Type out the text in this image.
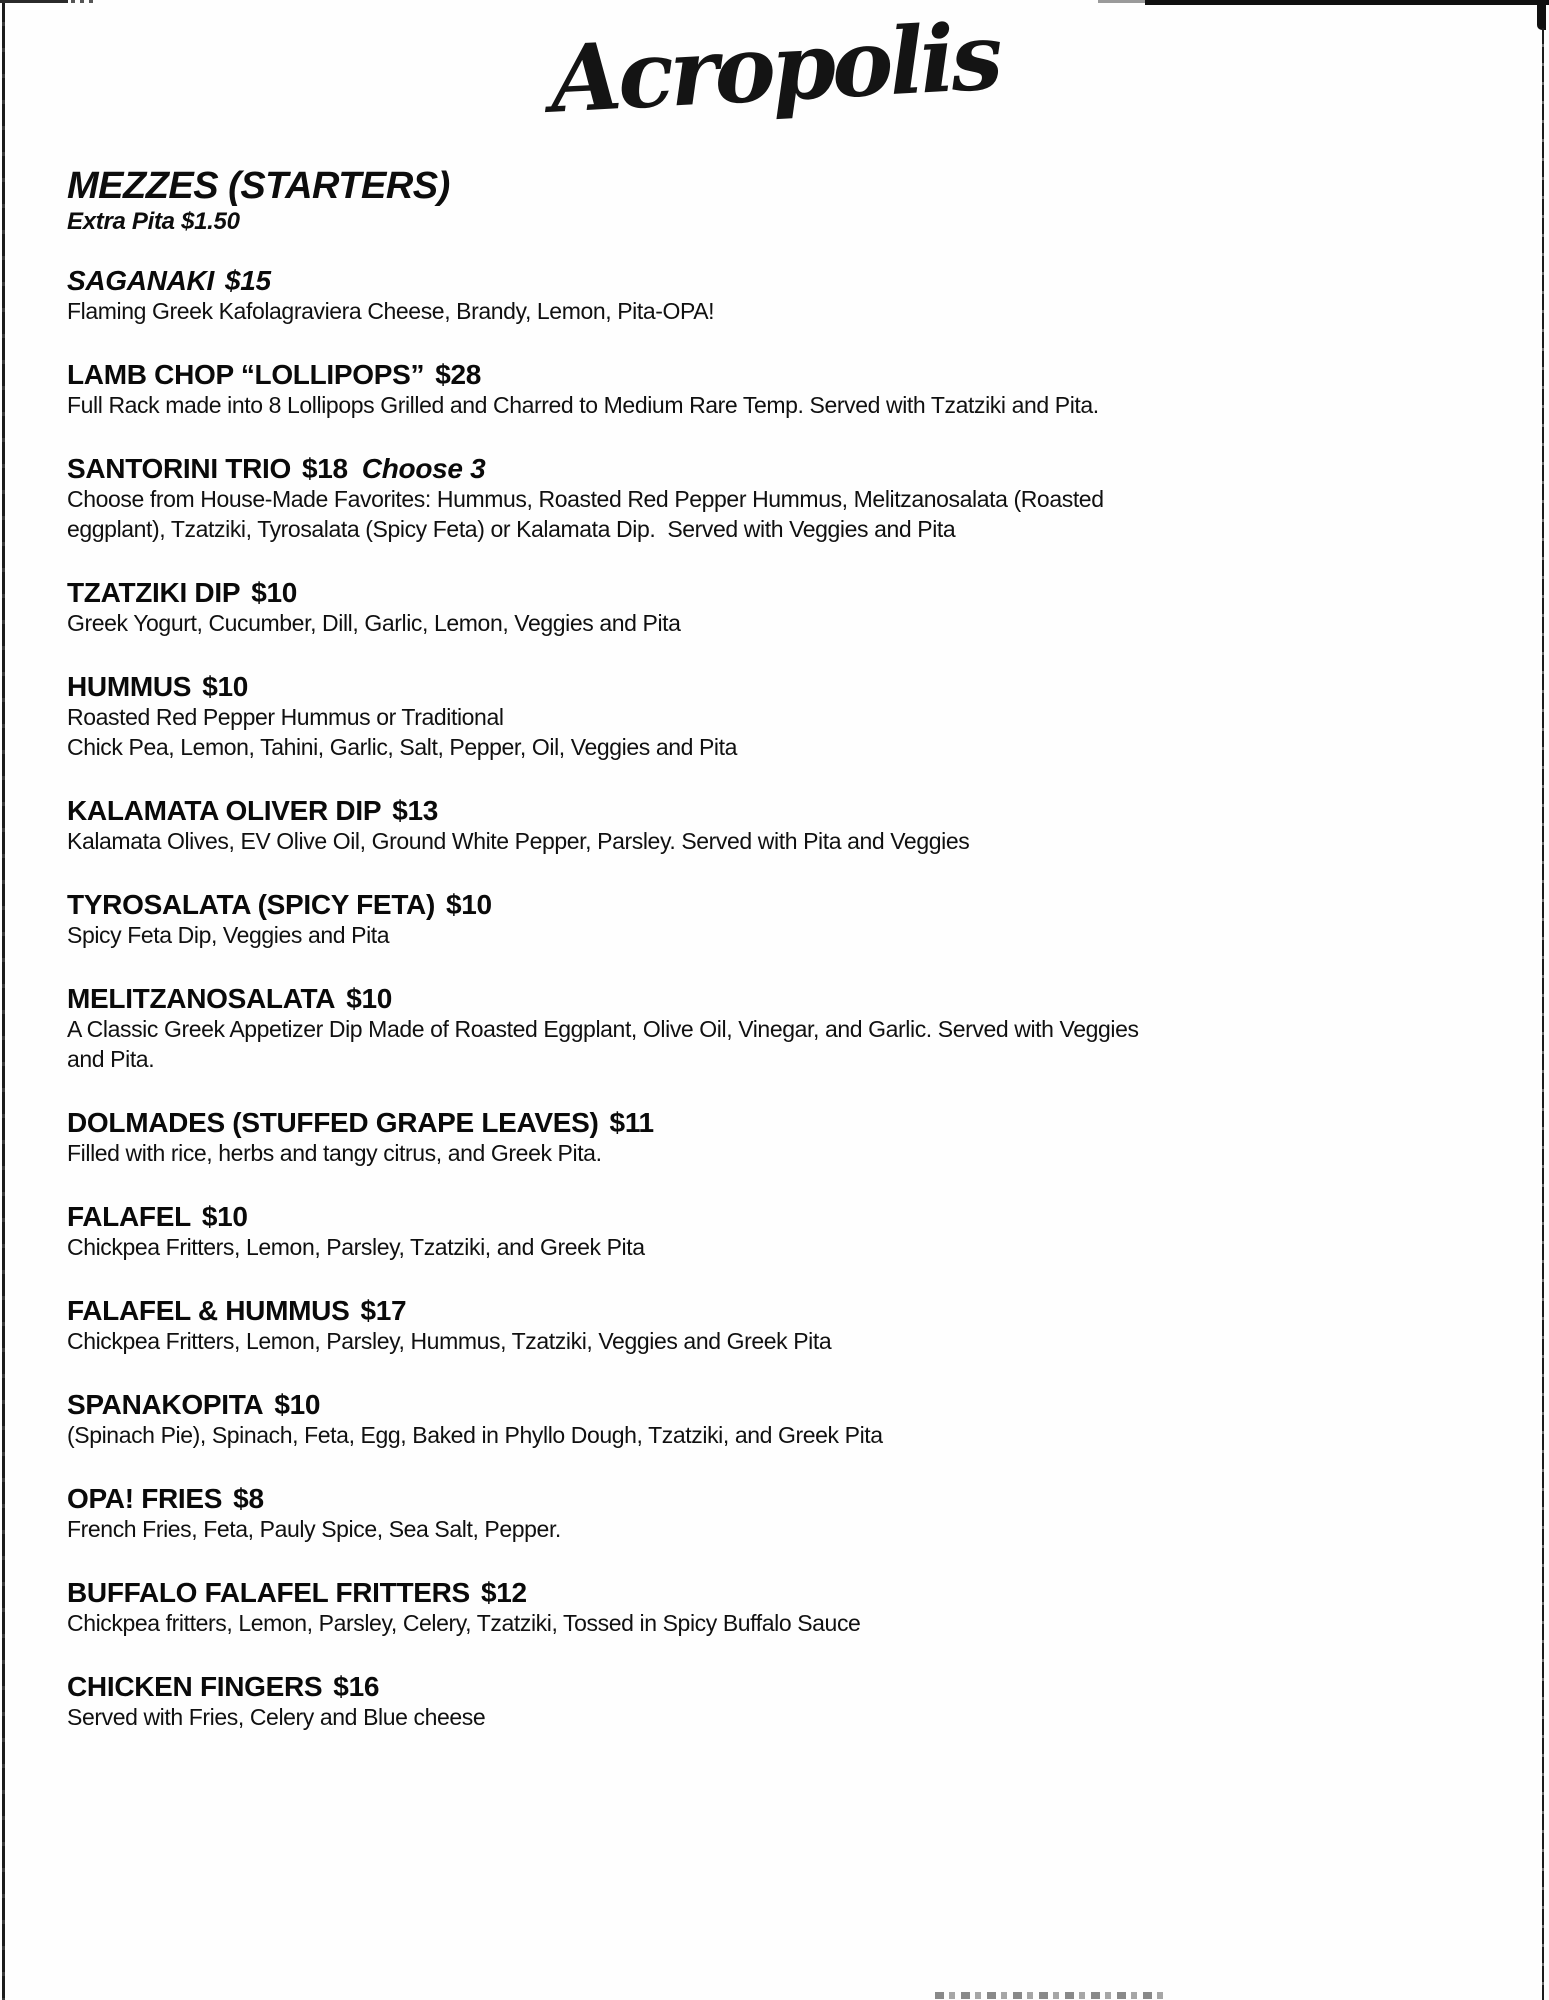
Acropolis
MEZZES (STARTERS)
Extra Pita $1.50
SAGANAKI $15
Flaming Greek Kafolagraviera Cheese, Brandy, Lemon, Pita-OPA!
LAMB CHOP “LOLLIPOPS” $28
Full Rack made into 8 Lollipops Grilled and Charred to Medium Rare Temp. Served with Tzatziki and Pita.
SANTORINI TRIO $18 Choose 3
Choose from House-Made Favorites: Hummus, Roasted Red Pepper Hummus, Melitzanosalata (Roasted
eggplant), Tzatziki, Tyrosalata (Spicy Feta) or Kalamata Dip.  Served with Veggies and Pita
TZATZIKI DIP $10
Greek Yogurt, Cucumber, Dill, Garlic, Lemon, Veggies and Pita
HUMMUS $10
Roasted Red Pepper Hummus or Traditional
Chick Pea, Lemon, Tahini, Garlic, Salt, Pepper, Oil, Veggies and Pita
KALAMATA OLIVER DIP $13
Kalamata Olives, EV Olive Oil, Ground White Pepper, Parsley. Served with Pita and Veggies
TYROSALATA (SPICY FETA) $10
Spicy Feta Dip, Veggies and Pita
MELITZANOSALATA $10
A Classic Greek Appetizer Dip Made of Roasted Eggplant, Olive Oil, Vinegar, and Garlic. Served with Veggies
and Pita.
DOLMADES (STUFFED GRAPE LEAVES) $11
Filled with rice, herbs and tangy citrus, and Greek Pita.
FALAFEL $10
Chickpea Fritters, Lemon, Parsley, Tzatziki, and Greek Pita
FALAFEL & HUMMUS $17
Chickpea Fritters, Lemon, Parsley, Hummus, Tzatziki, Veggies and Greek Pita
SPANAKOPITA $10
(Spinach Pie), Spinach, Feta, Egg, Baked in Phyllo Dough, Tzatziki, and Greek Pita
OPA! FRIES $8
French Fries, Feta, Pauly Spice, Sea Salt, Pepper.
BUFFALO FALAFEL FRITTERS $12
Chickpea fritters, Lemon, Parsley, Celery, Tzatziki, Tossed in Spicy Buffalo Sauce
CHICKEN FINGERS $16
Served with Fries, Celery and Blue cheese
